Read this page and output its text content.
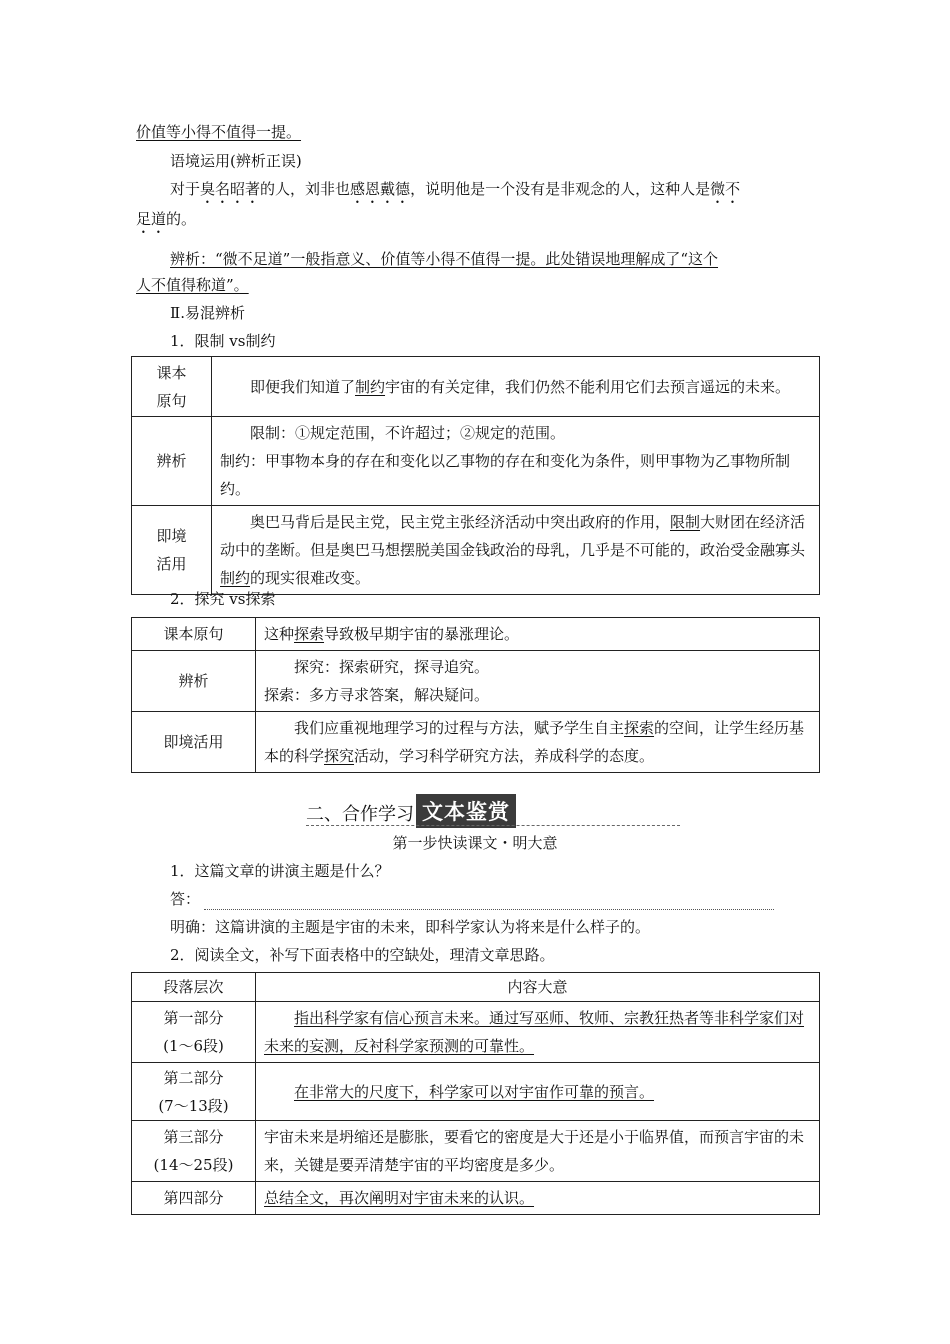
价值等小得不值得一提。
语境运用(辨析正误)
对于臭名昭著的人，刘非也感恩戴德，说明他是一个没有是非观念的人，这种人是微不
足道的。
辨析：“微不足道”一般指意义、价值等小得不值得一提。此处错误地理解成了“这个
人不值得称道”。
Ⅱ.易混辨析
1．限制 vs制约
课本原句	即便我们知道了制约宇宙的有关定律，我们仍然不能利用它们去预言遥远的未来。

辨析	限制：①规定范围，不许超过；②规定的范围。
制约：甲事物本身的存在和变化以乙事物的存在和变化为条件，则甲事物为乙事物所制约。

即境活用	奥巴马背后是民主党，民主党主张经济活动中突出政府的作用，限制大财团在经济活动中的垄断。但是奥巴马想摆脱美国金钱政治的母乳，几乎是不可能的，政治受金融寡头制约的现实很难改变。
2．探究 vs探索
课本原句	这种探索导致极早期宇宙的暴涨理论。
辨析	探究：探索研究，探寻追究。
探索：多方寻求答案，解决疑问。

即境活用	我们应重视地理学习的过程与方法，赋予学生自主探索的空间，让学生经历基本的科学探究活动，学习科学研究方法，养成科学的态度。
二、合作学习 文本鉴赏
第一步快读课文・明大意
1．这篇文章的讲演主题是什么？
答：
明确：这篇讲演的主题是宇宙的未来，即科学家认为将来是什么样子的。
2．阅读全文，补写下面表格中的空缺处，理清文章思路。
段落层次	内容大意

第一部分
(1～6段)	指出科学家有信心预言未来。通过写巫师、牧师、宗教狂热者等非科学家们对未来的妄测，反衬科学家预测的可靠性。

第二部分
(7～13段)	在非常大的尺度下，科学家可以对宇宙作可靠的预言。

第三部分
(14～25段)	宇宙未来是坍缩还是膨胀，要看它的密度是大于还是小于临界值，而预言宇宙的未来，关键是要弄清楚宇宙的平均密度是多少。

第四部分	总结全文，再次阐明对宇宙未来的认识。
